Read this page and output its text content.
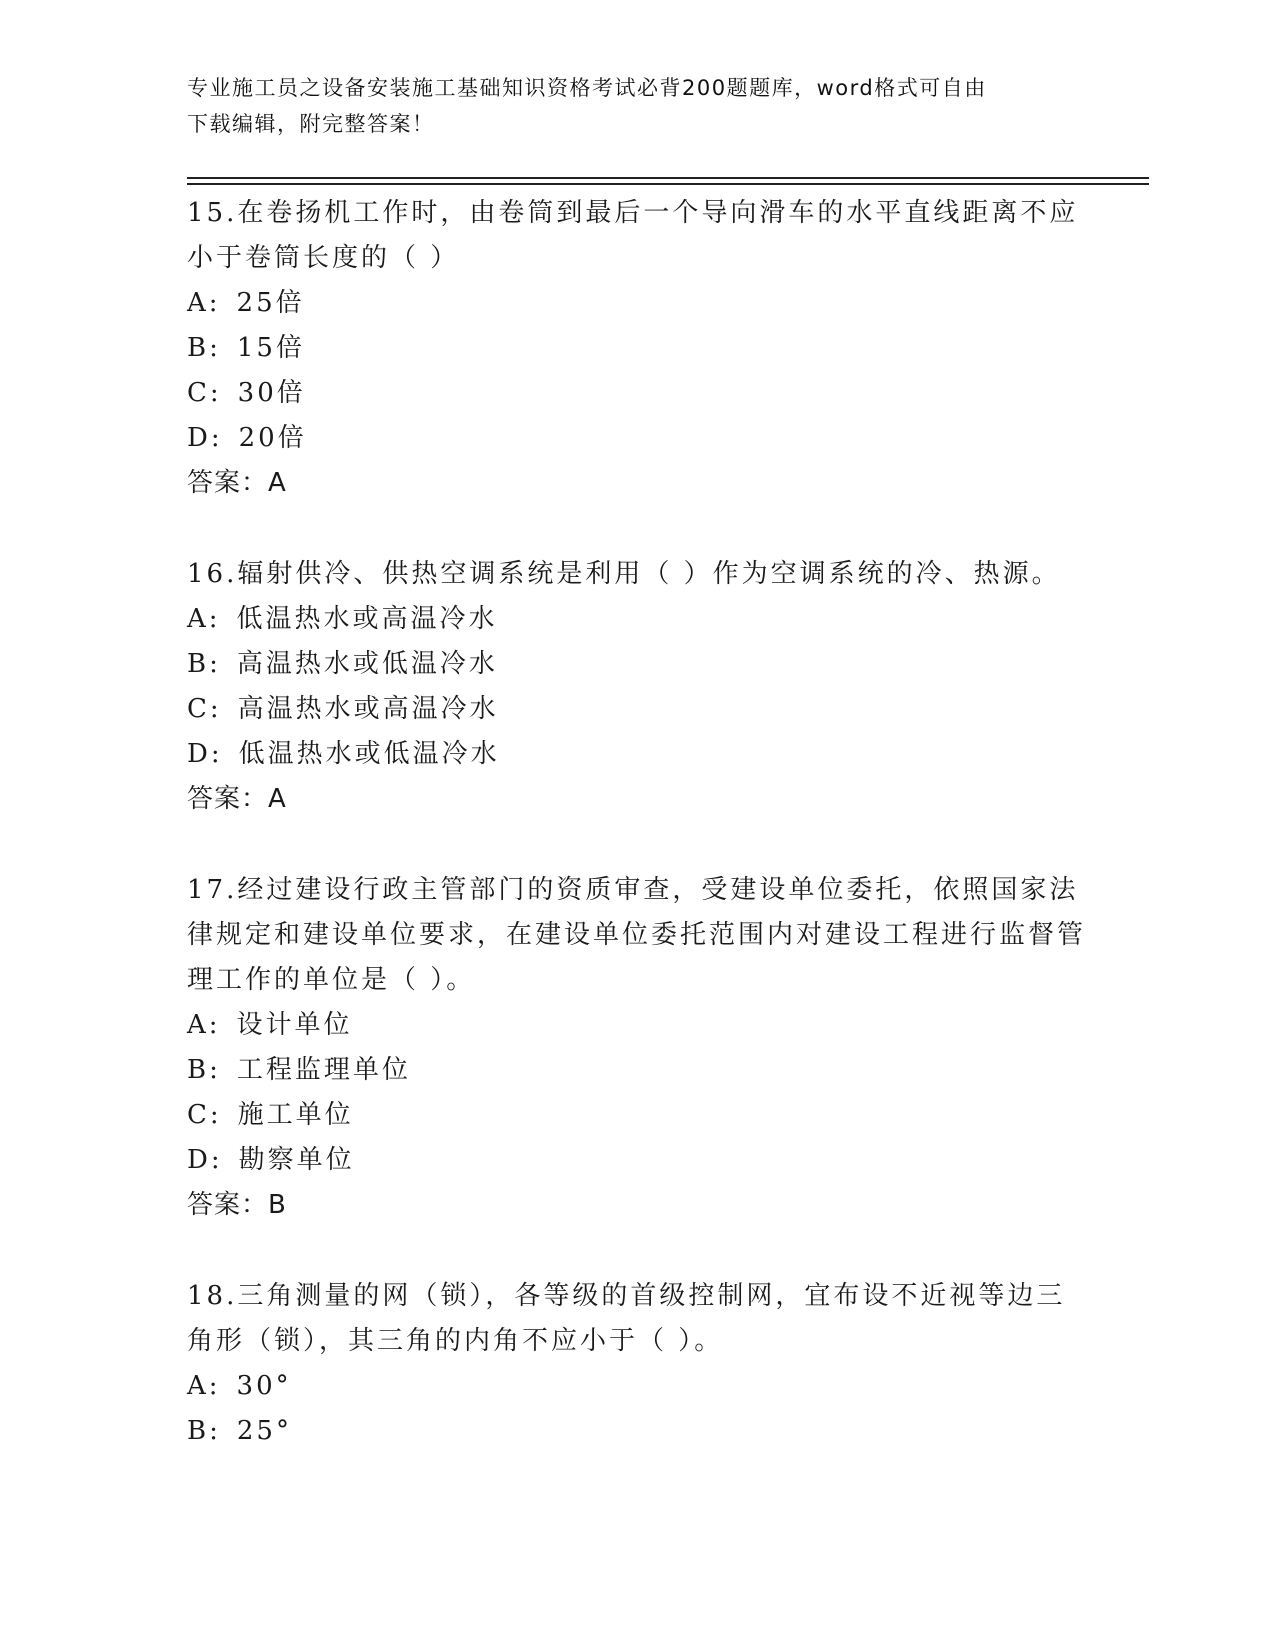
专业施工员之设备安装施工基础知识资格考试必背200题题库，word格式可自由
下载编辑，附完整答案！

15.在卷扬机工作时，由卷筒到最后一个导向滑车的水平直线距离不应小于卷筒长度的（ ）

A: 25倍

B: 15倍

C: 30倍

D: 20倍

答案：A

16.辐射供冷、供热空调系统是利用（ ）作为空调系统的冷、热源。

A: 低温热水或高温冷水

B: 高温热水或低温冷水

C: 高温热水或高温冷水

D: 低温热水或低温冷水

答案：A

17.经过建设行政主管部门的资质审查，受建设单位委托，依照国家法律规定和建设单位要求，在建设单位委托范围内对建设工程进行监督管理工作的单位是（ ）。

A: 设计单位

B: 工程监理单位

C: 施工单位

D: 勘察单位

答案：B

18.三角测量的网（锁），各等级的首级控制网，宜布设不近视等边三角形（锁），其三角的内角不应小于（ ）。

A: 30°

B: 25°
